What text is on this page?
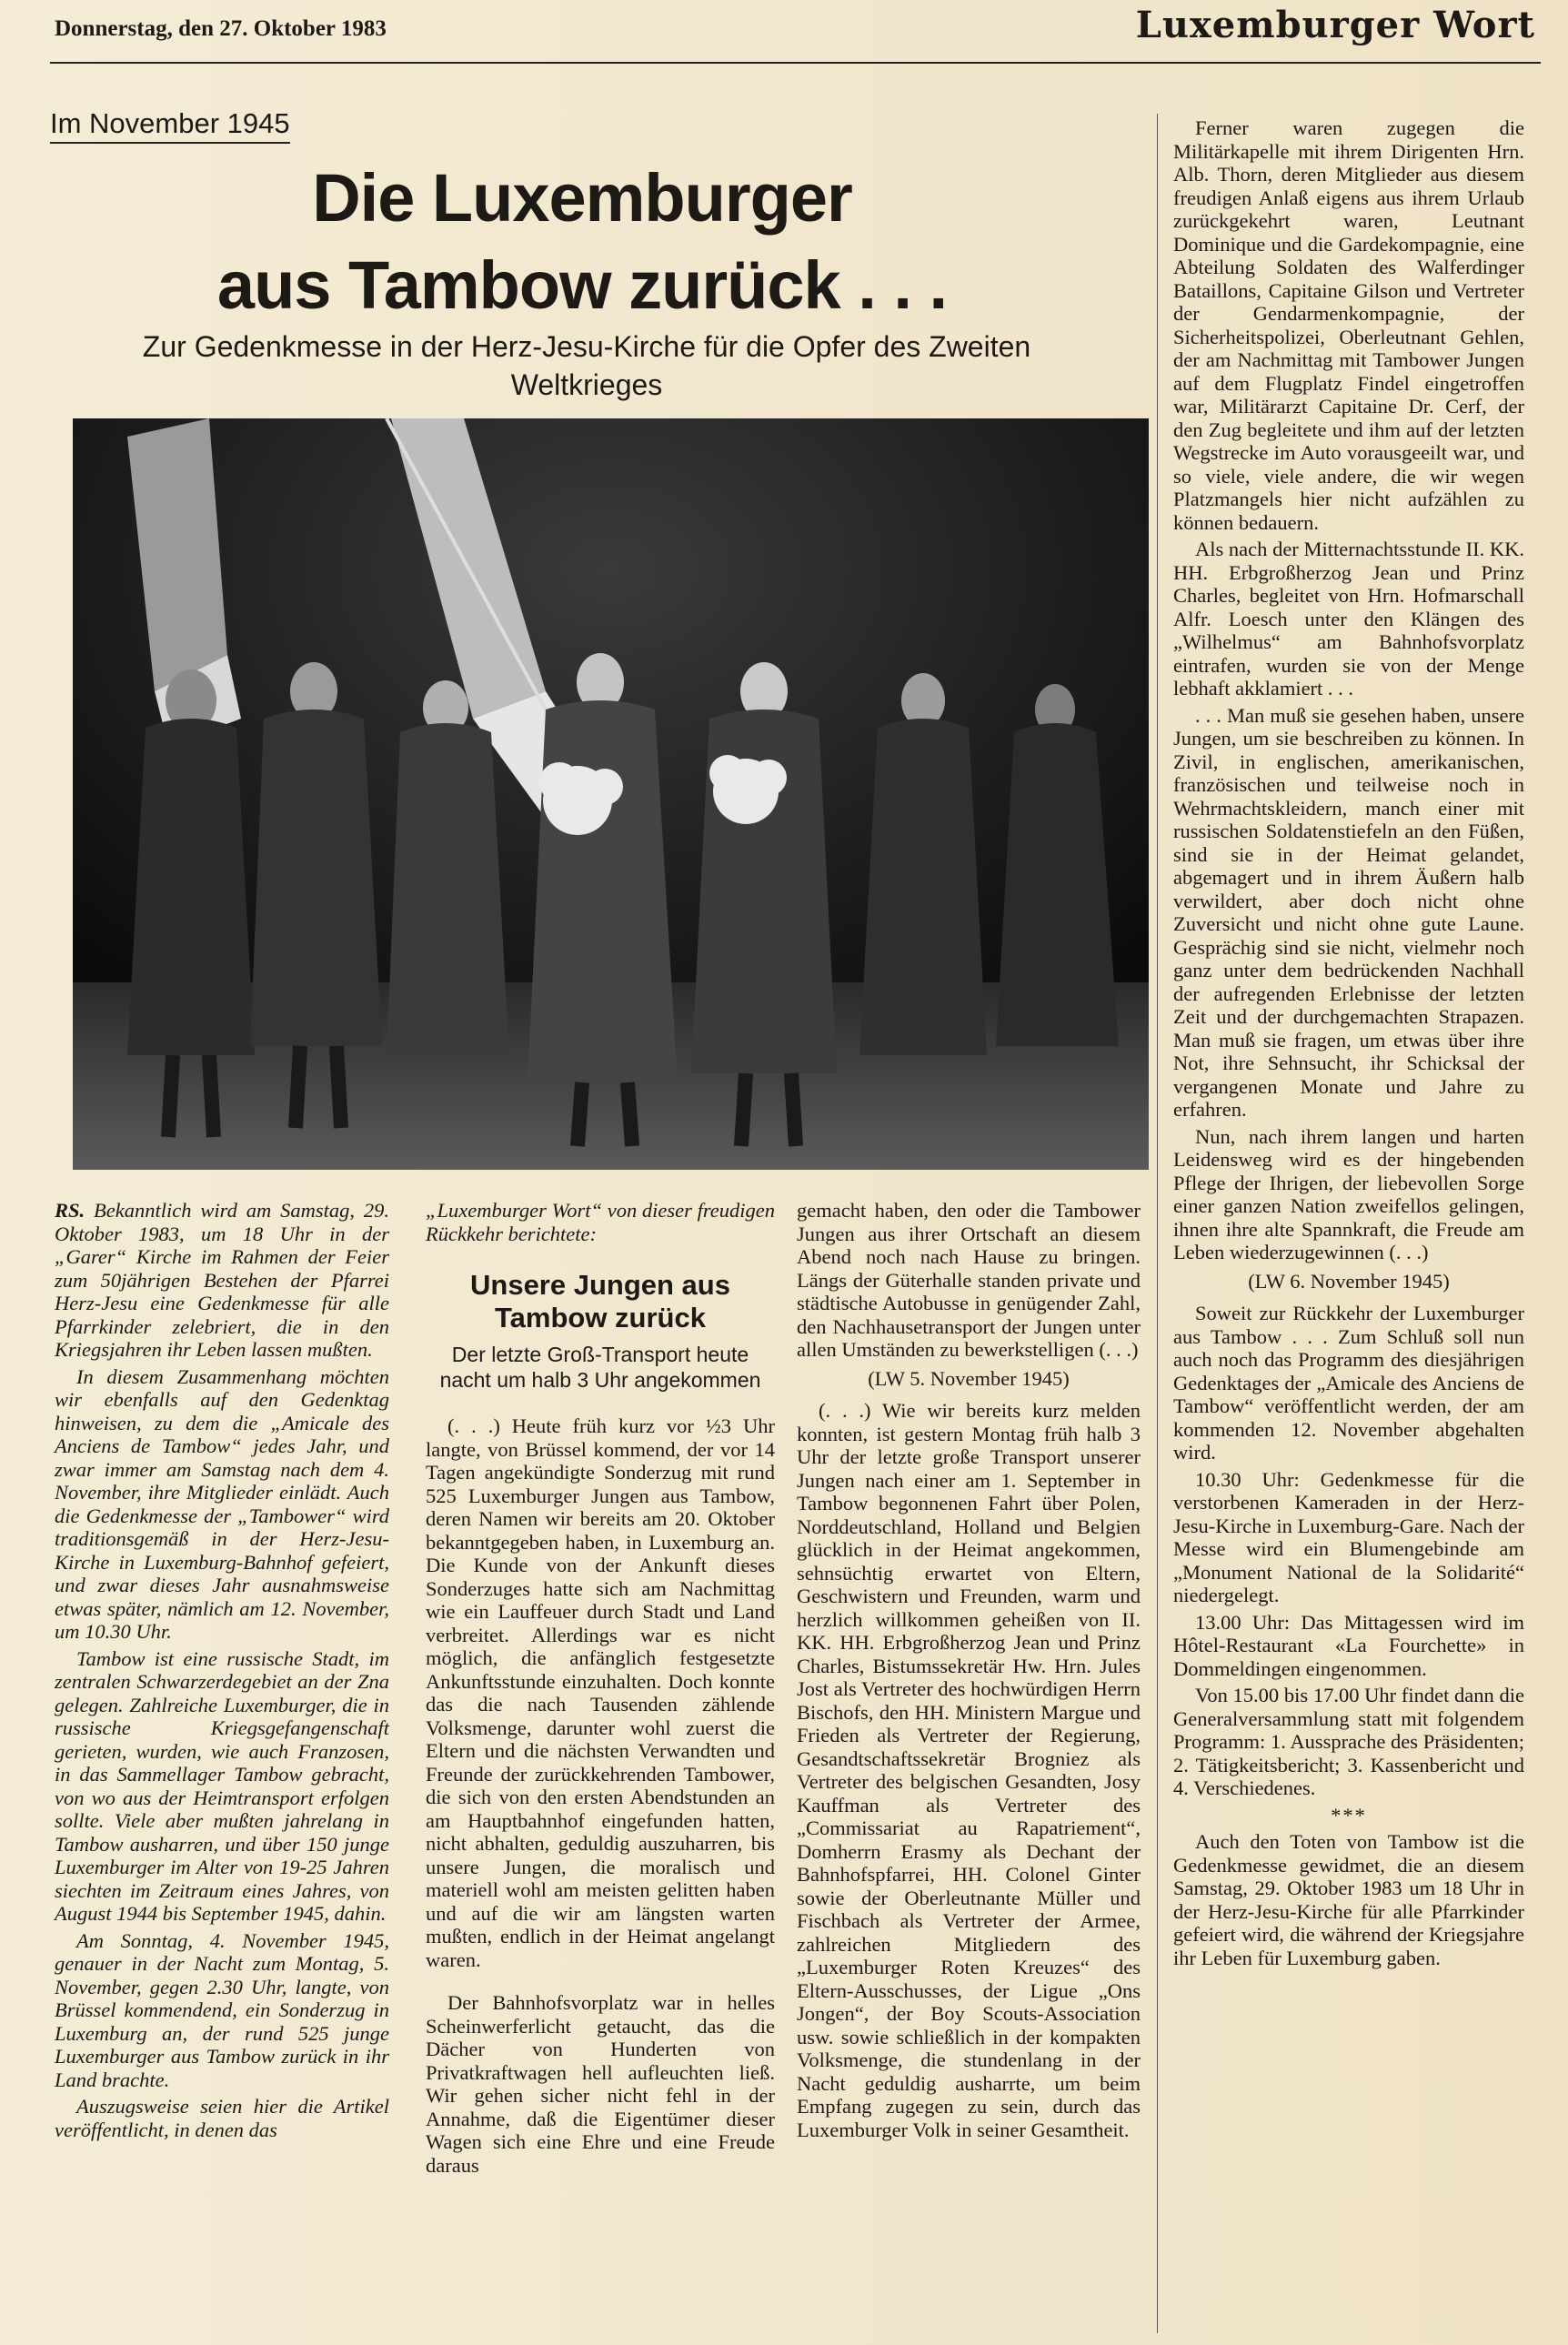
Donnerstag, den 27. Oktober 1983	Luxemburger Wort
Im November 1945
Die Luxemburger
aus Tambow zurück . . .
Zur Gedenkmesse in der Herz-Jesu-Kirche für die Opfer des Zweiten Weltkrieges

RS. Bekanntlich wird am Samstag, 29. Oktober 1983, um 18 Uhr in der „Garer“ Kirche im Rahmen der Feier zum 50jährigen Bestehen der Pfarrei Herz-Jesu eine Gedenkmesse für alle Pfarrkinder zelebriert, die in den Kriegsjahren ihr Leben lassen mußten.

In diesem Zusammenhang möchten wir ebenfalls auf den Gedenktag hinweisen, zu dem die „Amicale des Anciens de Tambow“ jedes Jahr, und zwar immer am Samstag nach dem 4. November, ihre Mitglieder einlädt. Auch die Gedenkmesse der „Tambower“ wird traditionsgemäß in der Herz-Jesu-Kirche in Luxemburg-Bahnhof gefeiert, und zwar dieses Jahr ausnahmsweise etwas später, nämlich am 12. November, um 10.30 Uhr.

Tambow ist eine russische Stadt, im zentralen Schwarzerdegebiet an der Zna gelegen. Zahlreiche Luxemburger, die in russische Kriegsgefangenschaft gerieten, wurden, wie auch Franzosen, in das Sammellager Tambow gebracht, von wo aus der Heimtransport erfolgen sollte. Viele aber mußten jahrelang in Tambow ausharren, und über 150 junge Luxemburger im Alter von 19-25 Jahren siechten im Zeitraum eines Jahres, von August 1944 bis September 1945, dahin.

Am Sonntag, 4. November 1945, genauer in der Nacht zum Montag, 5. November, gegen 2.30 Uhr, langte, von Brüssel kommendend, ein Sonderzug in Luxemburg an, der rund 525 junge Luxemburger aus Tambow zurück in ihr Land brachte.

Auszugsweise seien hier die Artikel veröffentlicht, in denen das

„Luxemburger Wort“ von dieser freudigen Rückkehr berichtete:

Unsere Jungen aus Tambow zurück
Der letzte Groß-Transport heute nacht um halb 3 Uhr angekommen

(. . .) Heute früh kurz vor ½3 Uhr langte, von Brüssel kommend, der vor 14 Tagen angekündigte Sonderzug mit rund 525 Luxemburger Jungen aus Tambow, deren Namen wir bereits am 20. Oktober bekanntgegeben haben, in Luxemburg an. Die Kunde von der Ankunft dieses Sonderzuges hatte sich am Nachmittag wie ein Lauffeuer durch Stadt und Land verbreitet. Allerdings war es nicht möglich, die anfänglich festgesetzte Ankunftsstunde einzuhalten. Doch konnte das die nach Tausenden zählende Volksmenge, darunter wohl zuerst die Eltern und die nächsten Verwandten und Freunde der zurückkehrenden Tambower, die sich von den ersten Abendstunden an am Hauptbahnhof eingefunden hatten, nicht abhalten, geduldig auszuharren, bis unsere Jungen, die moralisch und materiell wohl am meisten gelitten haben und auf die wir am längsten warten mußten, endlich in der Heimat angelangt waren.

Der Bahnhofsvorplatz war in helles Scheinwerferlicht getaucht, das die Dächer von Hunderten von Privatkraftwagen hell aufleuchten ließ. Wir gehen sicher nicht fehl in der Annahme, daß die Eigentümer dieser Wagen sich eine Ehre und eine Freude daraus

gemacht haben, den oder die Tambower Jungen aus ihrer Ortschaft an diesem Abend noch nach Hause zu bringen. Längs der Güterhalle standen private und städtische Autobusse in genügender Zahl, den Nachhausetransport der Jungen unter allen Umständen zu bewerkstelligen (. . .)

(LW 5. November 1945)

(. . .) Wie wir bereits kurz melden konnten, ist gestern Montag früh halb 3 Uhr der letzte große Transport unserer Jungen nach einer am 1. September in Tambow begonnenen Fahrt über Polen, Norddeutschland, Holland und Belgien glücklich in der Heimat angekommen, sehnsüchtig erwartet von Eltern, Geschwistern und Freunden, warm und herzlich willkommen geheißen von II. KK. HH. Erbgroßherzog Jean und Prinz Charles, Bistumssekretär Hw. Hrn. Jules Jost als Vertreter des hochwürdigen Herrn Bischofs, den HH. Ministern Margue und Frieden als Vertreter der Regierung, Gesandtschaftssekretär Brogniez als Vertreter des belgischen Gesandten, Josy Kauffman als Vertreter des „Commissariat au Rapatriement“, Domherrn Erasmy als Dechant der Bahnhofspfarrei, HH. Colonel Ginter sowie der Oberleutnante Müller und Fischbach als Vertreter der Armee, zahlreichen Mitgliedern des „Luxemburger Roten Kreuzes“ des Eltern-Ausschusses, der Ligue „Ons Jongen“, der Boy Scouts-Association usw. sowie schließlich in der kompakten Volksmenge, die stundenlang in der Nacht geduldig ausharrte, um beim Empfang zugegen zu sein, durch das Luxemburger Volk in seiner Gesamtheit.

Ferner waren zugegen die Militärkapelle mit ihrem Dirigenten Hrn. Alb. Thorn, deren Mitglieder aus diesem freudigen Anlaß eigens aus ihrem Urlaub zurückgekehrt waren, Leutnant Dominique und die Gardekompagnie, eine Abteilung Soldaten des Walferdinger Bataillons, Capitaine Gilson und Vertreter der Gendarmenkompagnie, der Sicherheitspolizei, Oberleutnant Gehlen, der am Nachmittag mit Tambower Jungen auf dem Flugplatz Findel eingetroffen war, Militärarzt Capitaine Dr. Cerf, der den Zug begleitete und ihm auf der letzten Wegstrecke im Auto vorausgeeilt war, und so viele, viele andere, die wir wegen Platzmangels hier nicht aufzählen zu können bedauern.

Als nach der Mitternachtsstunde II. KK. HH. Erbgroßherzog Jean und Prinz Charles, begleitet von Hrn. Hofmarschall Alfr. Loesch unter den Klängen des „Wilhelmus“ am Bahnhofsvorplatz eintrafen, wurden sie von der Menge lebhaft akklamiert . . .

. . . Man muß sie gesehen haben, unsere Jungen, um sie beschreiben zu können. In Zivil, in englischen, amerikanischen, französischen und teilweise noch in Wehrmachtskleidern, manch einer mit russischen Soldatenstiefeln an den Füßen, sind sie in der Heimat gelandet, abgemagert und in ihrem Äußern halb verwildert, aber doch nicht ohne Zuversicht und nicht ohne gute Laune. Gesprächig sind sie nicht, vielmehr noch ganz unter dem bedrückenden Nachhall der aufregenden Erlebnisse der letzten Zeit und der durchgemachten Strapazen. Man muß sie fragen, um etwas über ihre Not, ihre Sehnsucht, ihr Schicksal der vergangenen Monate und Jahre zu erfahren.

Nun, nach ihrem langen und harten Leidensweg wird es der hingebenden Pflege der Ihrigen, der liebevollen Sorge einer ganzen Nation zweifellos gelingen, ihnen ihre alte Spannkraft, die Freude am Leben wiederzugewinnen (. . .)

(LW 6. November 1945)

Soweit zur Rückkehr der Luxemburger aus Tambow . . . Zum Schluß soll nun auch noch das Programm des diesjährigen Gedenktages der „Amicale des Anciens de Tambow“ veröffentlicht werden, der am kommenden 12. November abgehalten wird.

10.30 Uhr: Gedenkmesse für die verstorbenen Kameraden in der Herz-Jesu-Kirche in Luxemburg-Gare. Nach der Messe wird ein Blumengebinde am „Monument National de la Solidarité“ niedergelegt.

13.00 Uhr: Das Mittagessen wird im Hôtel-Restaurant «La Fourchette» in Dommeldingen eingenommen.

Von 15.00 bis 17.00 Uhr findet dann die Generalversammlung statt mit folgendem Programm: 1. Aussprache des Präsidenten; 2. Tätigkeitsbericht; 3. Kassenbericht und 4. Verschiedenes.

***

Auch den Toten von Tambow ist die Gedenkmesse gewidmet, die an diesem Samstag, 29. Oktober 1983 um 18 Uhr in der Herz-Jesu-Kirche für alle Pfarrkinder gefeiert wird, die während der Kriegsjahre ihr Leben für Luxemburg gaben.
